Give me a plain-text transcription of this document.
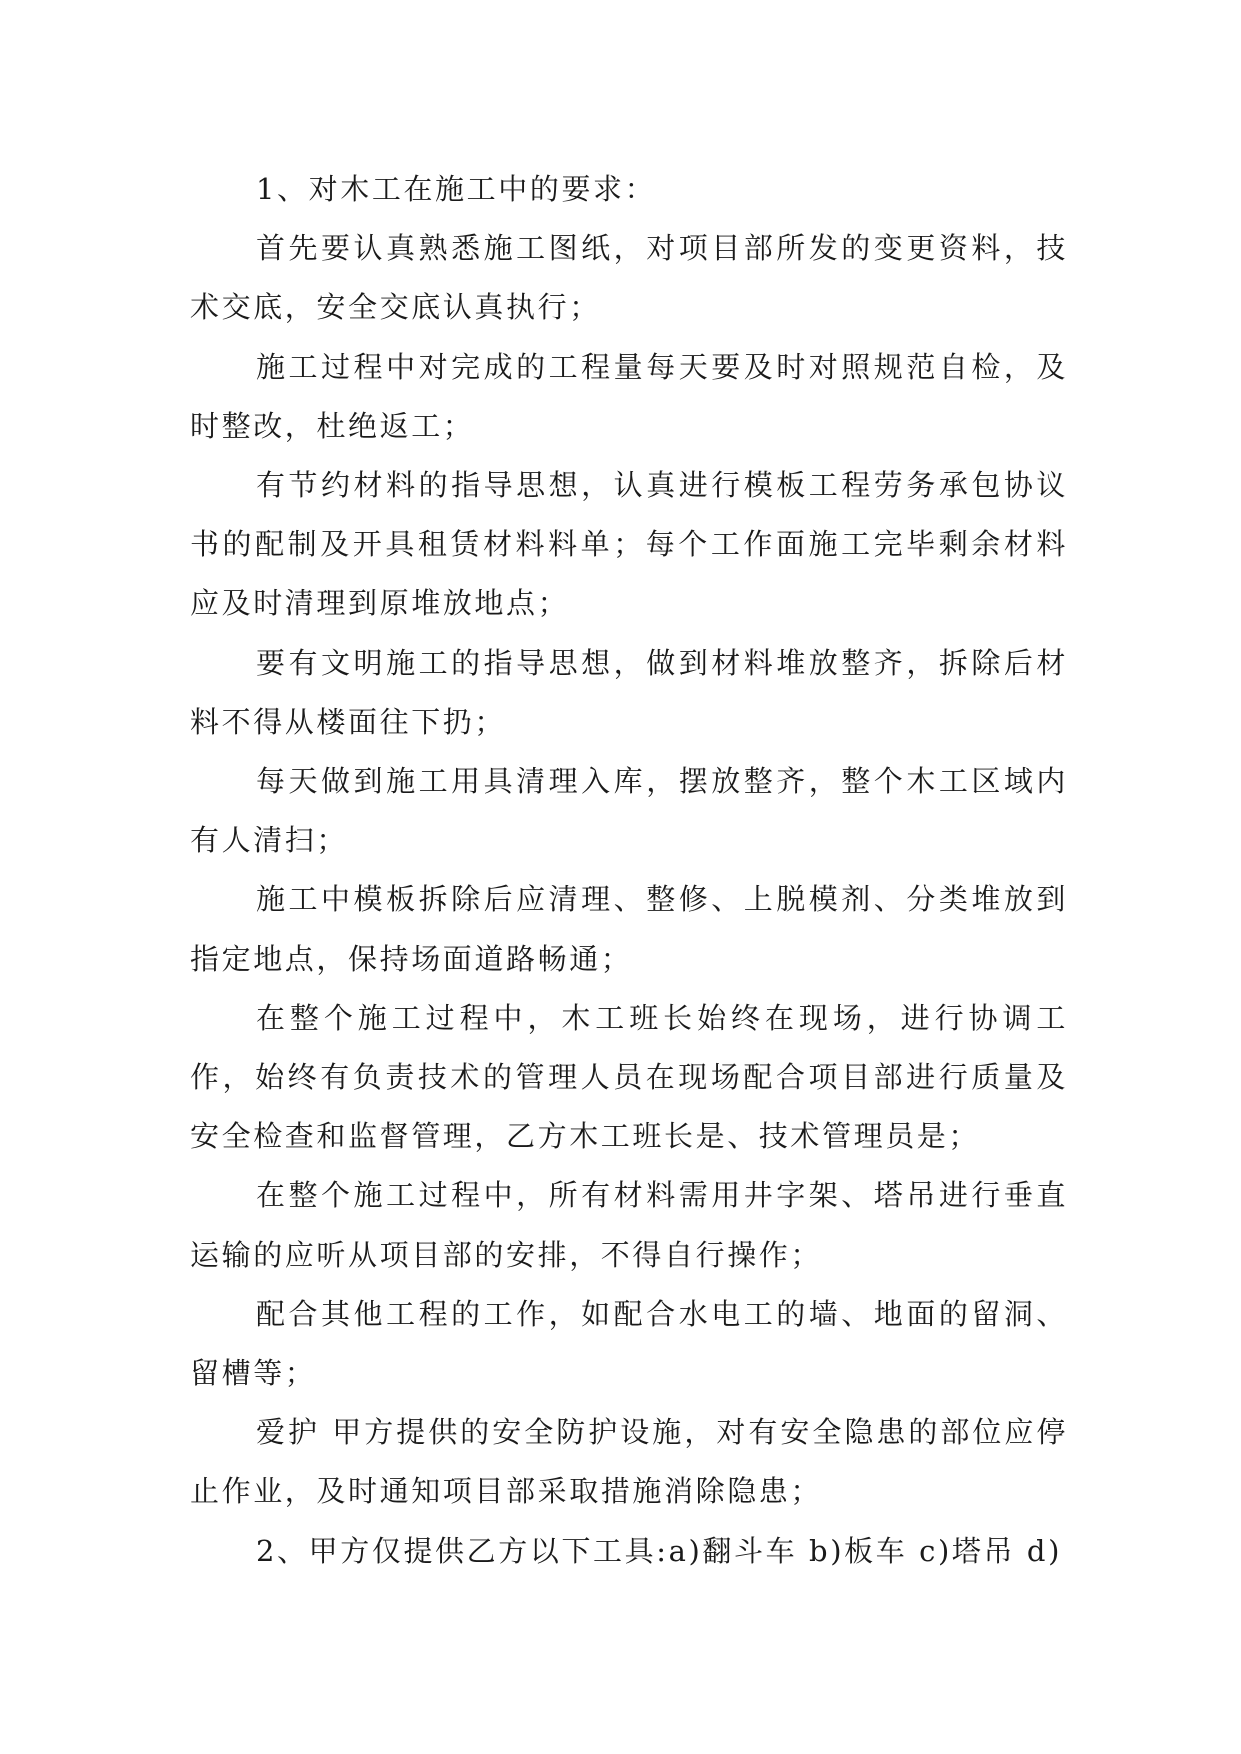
1、对木工在施工中的要求：

首先要认真熟悉施工图纸，对项目部所发的变更资料，技术交底，安全交底认真执行；

施工过程中对完成的工程量每天要及时对照规范自检，及时整改，杜绝返工；

有节约材料的指导思想，认真进行模板工程劳务承包协议书的配制及开具租赁材料料单；每个工作面施工完毕剩余材料应及时清理到原堆放地点；

要有文明施工的指导思想，做到材料堆放整齐，拆除后材料不得从楼面往下扔；

每天做到施工用具清理入库，摆放整齐，整个木工区域内有人清扫；

施工中模板拆除后应清理、整修、上脱模剂、分类堆放到指定地点，保持场面道路畅通；

在整个施工过程中，木工班长始终在现场，进行协调工作，始终有负责技术的管理人员在现场配合项目部进行质量及安全检查和监督管理，乙方木工班长是、技术管理员是；

在整个施工过程中，所有材料需用井字架、塔吊进行垂直运输的应听从项目部的安排，不得自行操作；

配合其他工程的工作，如配合水电工的墙、地面的留洞、留槽等；

爱护 甲方提供的安全防护设施，对有安全隐患的部位应停止作业，及时通知项目部采取措施消除隐患；

2、甲方仅提供乙方以下工具:a)翻斗车 b)板车 c)塔吊 d)
